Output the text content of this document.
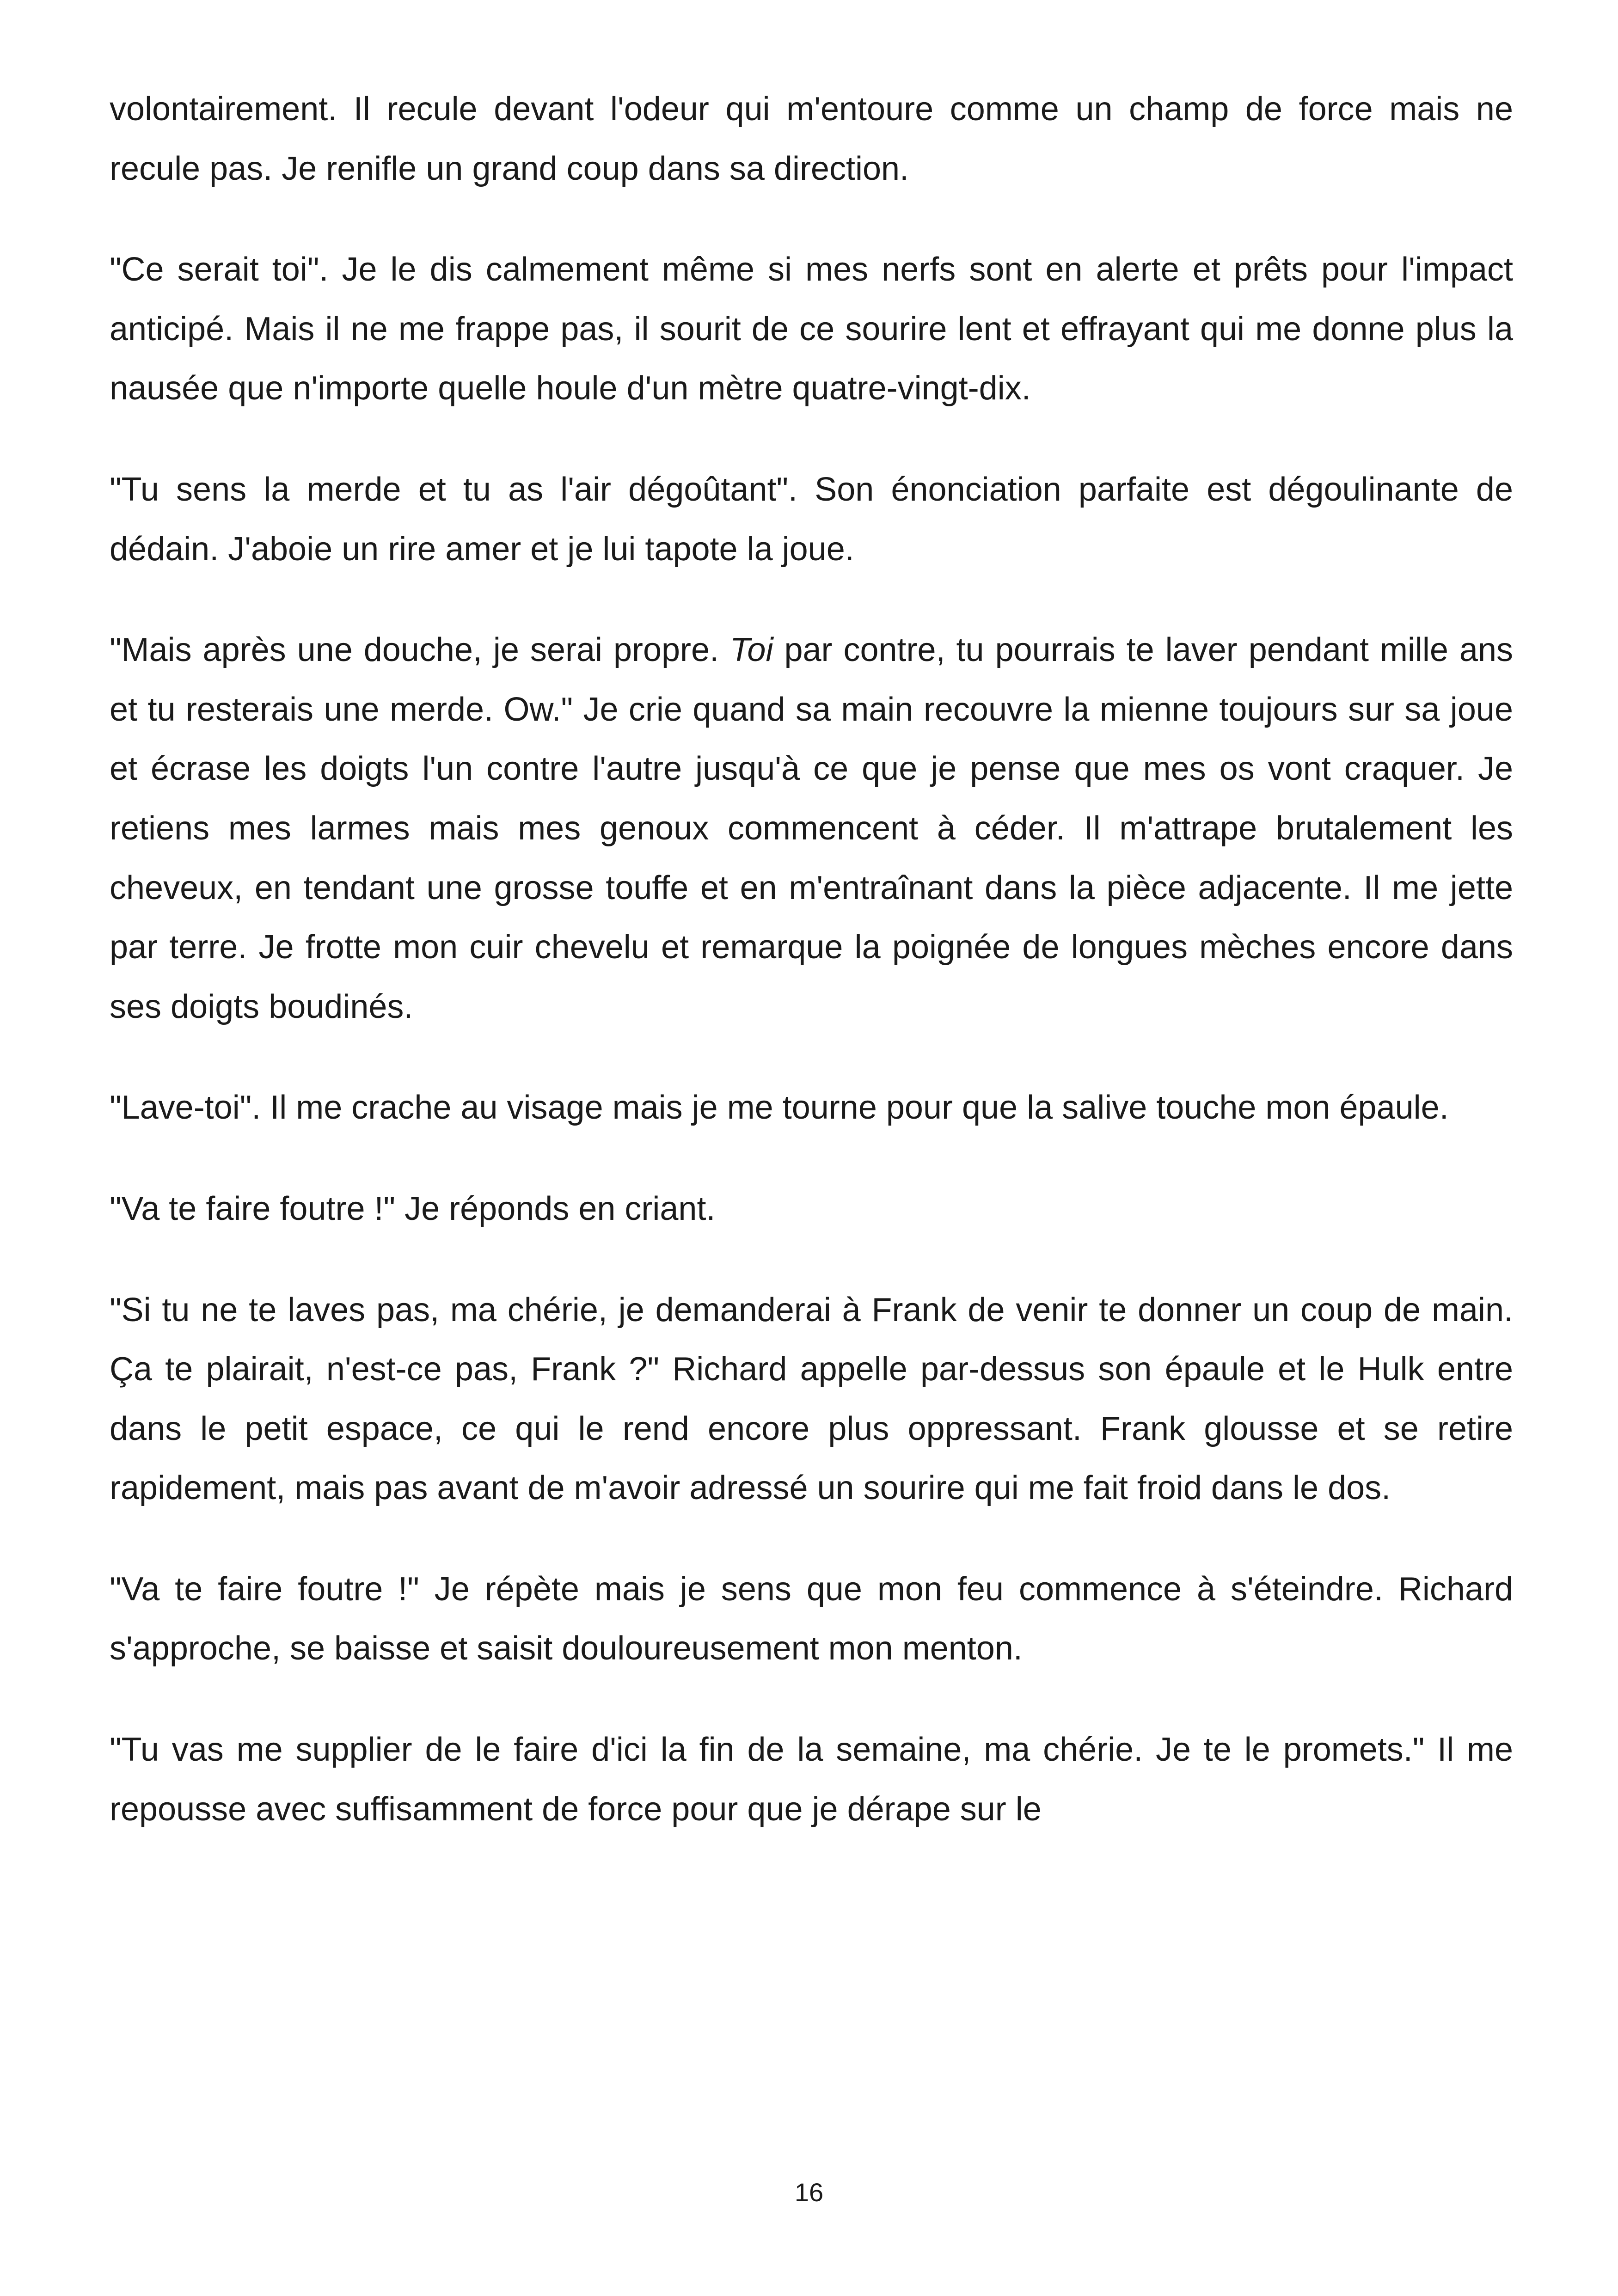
volontairement. Il recule devant l'odeur qui m'entoure comme un champ de force mais ne recule pas. Je renifle un grand coup dans sa direction.

"Ce serait toi". Je le dis calmement même si mes nerfs sont en alerte et prêts pour l'impact anticipé. Mais il ne me frappe pas, il sourit de ce sourire lent et effrayant qui me donne plus la nausée que n'importe quelle houle d'un mètre quatre-vingt-dix.

"Tu sens la merde et tu as l'air dégoûtant". Son énonciation parfaite est dégoulinante de dédain. J'aboie un rire amer et je lui tapote la joue.

"Mais après une douche, je serai propre. Toi par contre, tu pourrais te laver pendant mille ans et tu resterais une merde. Ow." Je crie quand sa main recouvre la mienne toujours sur sa joue et écrase les doigts l'un contre l'autre jusqu'à ce que je pense que mes os vont craquer. Je retiens mes larmes mais mes genoux commencent à céder. Il m'attrape brutalement les cheveux, en tendant une grosse touffe et en m'entraînant dans la pièce adjacente. Il me jette par terre. Je frotte mon cuir chevelu et remarque la poignée de longues mèches encore dans ses doigts boudinés.

"Lave-toi". Il me crache au visage mais je me tourne pour que la salive touche mon épaule.

"Va te faire foutre !" Je réponds en criant.

"Si tu ne te laves pas, ma chérie, je demanderai à Frank de venir te donner un coup de main. Ça te plairait, n'est-ce pas, Frank ?" Richard appelle par-dessus son épaule et le Hulk entre dans le petit espace, ce qui le rend encore plus oppressant. Frank glousse et se retire rapidement, mais pas avant de m'avoir adressé un sourire qui me fait froid dans le dos.

"Va te faire foutre !" Je répète mais je sens que mon feu commence à s'éteindre. Richard s'approche, se baisse et saisit douloureusement mon menton.

"Tu vas me supplier de le faire d'ici la fin de la semaine, ma chérie. Je te le promets." Il me repousse avec suffisamment de force pour que je dérape sur le

16
